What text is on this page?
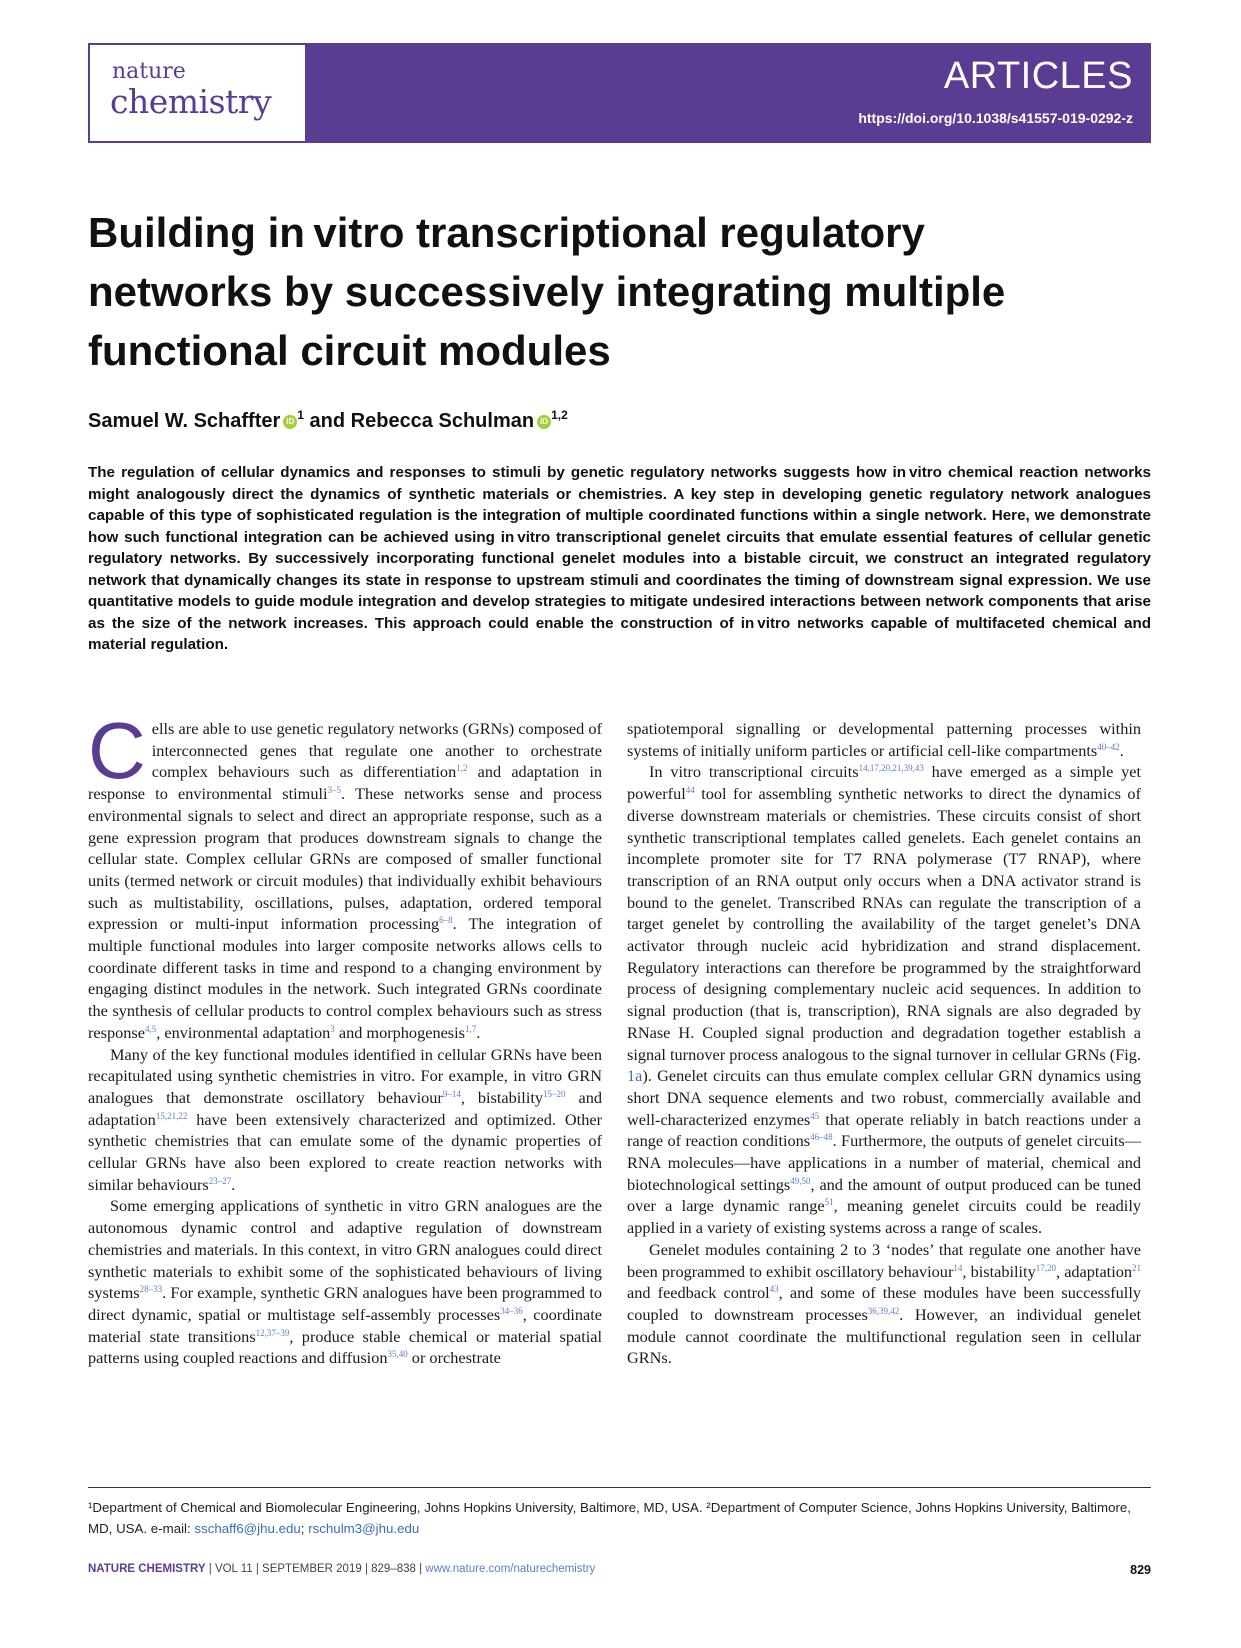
ARTICLES
https://doi.org/10.1038/s41557-019-0292-z
nature
chemistry
Building in vitro transcriptional regulatory networks by successively integrating multiple functional circuit modules
Samuel W. Schaffter iD $^1$ and Rebecca Schulman iD $^{1,2}$

The regulation of cellular dynamics and responses to stimuli by genetic regulatory networks suggests how in vitro chemical reaction networks might analogously direct the dynamics of synthetic materials or chemistries. A key step in developing genetic regulatory network analogues capable of this type of sophisticated regulation is the integration of multiple coordinated functions within a single network. Here, we demonstrate how such functional integration can be achieved using in vitro transcriptional genelet circuits that emulate essential features of cellular genetic regulatory networks. By successively incorporating functional genelet modules into a bistable circuit, we construct an integrated regulatory network that dynamically changes its state in response to upstream stimuli and coordinates the timing of downstream signal expression. We use quantitative models to guide module integration and develop strategies to mitigate undesired interactions between network components that arise as the size of the network increases. This approach could enable the construction of in vitro networks capable of multifaceted chemical and material regulation.

Cells are able to use genetic regulatory networks (GRNs) composed of interconnected genes that regulate one another to orchestrate complex behaviours such as differentiation$^{1,2}$ and adaptation in response to environmental stimuli$^{3-5}$. These networks sense and process environmental signals to select and direct an appropriate response, such as a gene expression program that produces downstream signals to change the cellular state. Complex cellular GRNs are composed of smaller functional units (termed network or circuit modules) that individually exhibit behaviours such as multistability, oscillations, pulses, adaptation, ordered temporal expression or multi-input information processing$^{6-8}$. The integration of multiple functional modules into larger composite networks allows cells to coordinate different tasks in time and respond to a changing environment by engaging distinct modules in the network. Such integrated GRNs coordinate the synthesis of cellular products to control complex behaviours such as stress response$^{4,5}$, environmental adaptation$^3$ and morphogenesis$^{1,7}$.

Many of the key functional modules identified in cellular GRNs have been recapitulated using synthetic chemistries in vitro. For example, in vitro GRN analogues that demonstrate oscillatory behaviour$^{9-14}$, bistability$^{15-20}$ and adaptation$^{15,21,22}$ have been extensively characterized and optimized. Other synthetic chemistries that can emulate some of the dynamic properties of cellular GRNs have also been explored to create reaction networks with similar behaviours$^{23-27}$.

Some emerging applications of synthetic in vitro GRN analogues are the autonomous dynamic control and adaptive regulation of downstream chemistries and materials. In this context, in vitro GRN analogues could direct synthetic materials to exhibit some of the sophisticated behaviours of living systems$^{28-33}$. For example, synthetic GRN analogues have been programmed to direct dynamic, spatial or multistage self-assembly processes$^{34-36}$, coordinate material state transitions$^{12,37-39}$, produce stable chemical or material spatial patterns using coupled reactions and diffusion$^{35,40}$ or orchestrate

spatiotemporal signalling or developmental patterning processes within systems of initially uniform particles or artificial cell-like compartments$^{40-42}$.

In vitro transcriptional circuits$^{14,17,20,21,39,43}$ have emerged as a simple yet powerful$^{44}$ tool for assembling synthetic networks to direct the dynamics of diverse downstream materials or chemistries. These circuits consist of short synthetic transcriptional templates called genelets. Each genelet contains an incomplete promoter site for T7 RNA polymerase (T7 RNAP), where transcription of an RNA output only occurs when a DNA activator strand is bound to the genelet. Transcribed RNAs can regulate the transcription of a target genelet by controlling the availability of the target genelet’s DNA activator through nucleic acid hybridization and strand displacement. Regulatory interactions can therefore be programmed by the straightforward process of designing complementary nucleic acid sequences. In addition to signal production (that is, transcription), RNA signals are also degraded by RNase H. Coupled signal production and degradation together establish a signal turnover process analogous to the signal turnover in cellular GRNs (Fig. 1a). Genelet circuits can thus emulate complex cellular GRN dynamics using short DNA sequence elements and two robust, commercially available and well-characterized enzymes$^{45}$ that operate reliably in batch reactions under a range of reaction conditions$^{46-48}$. Furthermore, the outputs of genelet circuits—RNA molecules—have applications in a number of material, chemical and biotechnological settings$^{49,50}$, and the amount of output produced can be tuned over a large dynamic range$^{51}$, meaning genelet circuits could be readily applied in a variety of existing systems across a range of scales.

Genelet modules containing 2 to 3 ‘nodes’ that regulate one another have been programmed to exhibit oscillatory behaviour$^{14}$, bistability$^{17,20}$, adaptation$^{21}$ and feedback control$^{43}$, and some of these modules have been successfully coupled to downstream processes$^{36,39,42}$. However, an individual genelet module cannot coordinate the multifunctional regulation seen in cellular GRNs.

¹Department of Chemical and Biomolecular Engineering, Johns Hopkins University, Baltimore, MD, USA. ²Department of Computer Science, Johns Hopkins University, Baltimore, MD, USA. e-mail: sschaff6@jhu.edu; rschulm3@jhu.edu
NATURE CHEMISTRY | VOL 11 | SEPTEMBER 2019 | 829–838 | www.nature.com/naturechemistry	829
